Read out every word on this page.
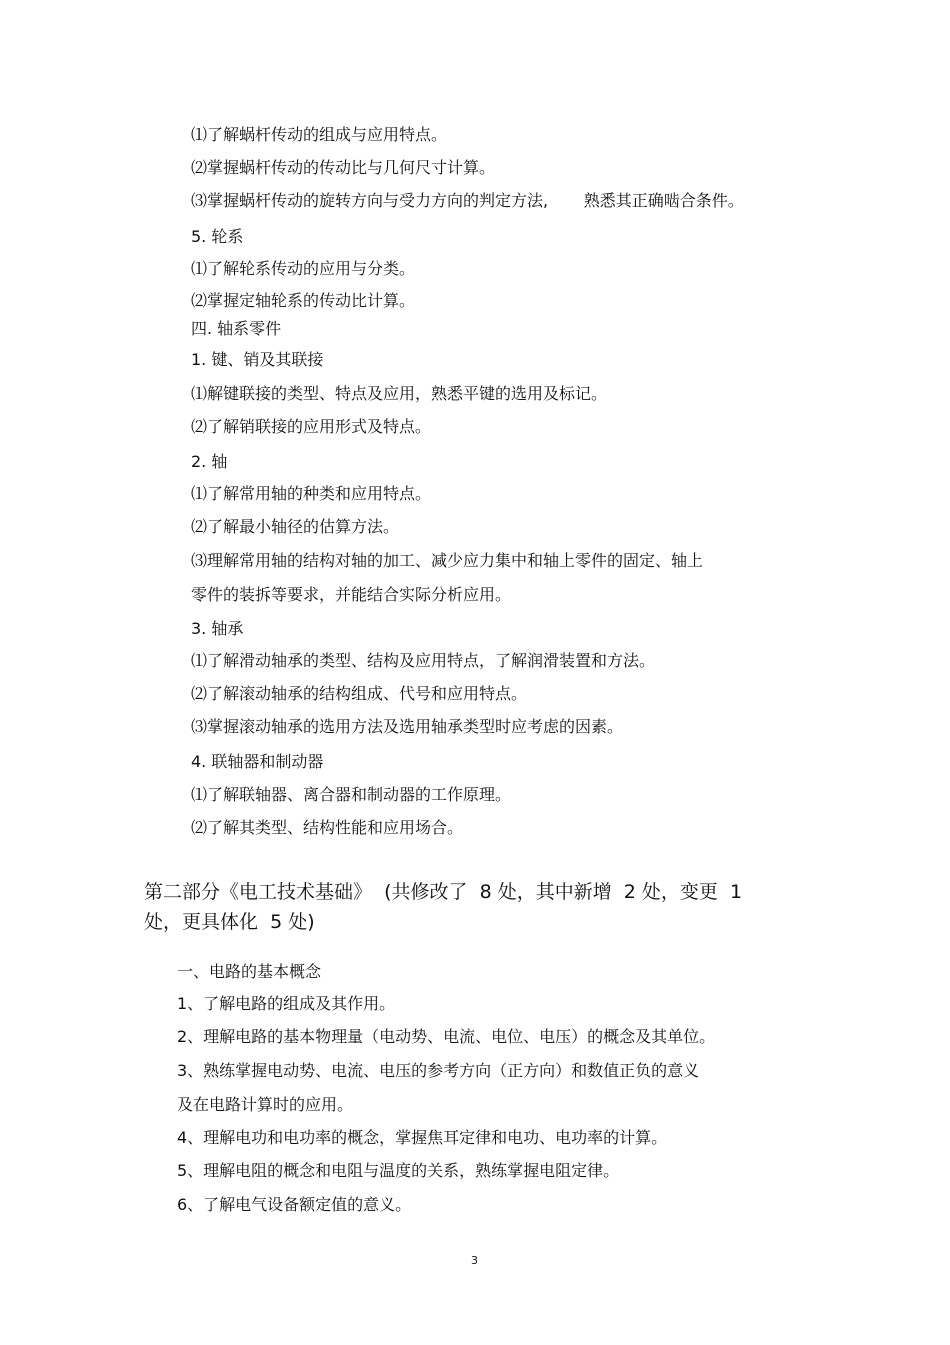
⑴了解蜗杆传动的组成与应用特点。
⑵掌握蜗杆传动的传动比与几何尺寸计算。
⑶掌握蜗杆传动的旋转方向与受力方向的判定方法,       熟悉其正确啮合条件。
5. 轮系
⑴了解轮系传动的应用与分类。
⑵掌握定轴轮系的传动比计算。
四. 轴系零件
1. 键、销及其联接
⑴解键联接的类型、特点及应用，熟悉平键的选用及标记。
⑵了解销联接的应用形式及特点。
2. 轴
⑴了解常用轴的种类和应用特点。
⑵了解最小轴径的估算方法。
⑶理解常用轴的结构对轴的加工、减少应力集中和轴上零件的固定、轴上
零件的装拆等要求，并能结合实际分析应用。
3. 轴承
⑴了解滑动轴承的类型、结构及应用特点，了解润滑装置和方法。
⑵了解滚动轴承的结构组成、代号和应用特点。
⑶掌握滚动轴承的选用方法及选用轴承类型时应考虑的因素。
4. 联轴器和制动器
⑴了解联轴器、离合器和制动器的工作原理。
⑵了解其类型、结构性能和应用场合。
第二部分《电工技术基础》  (共修改了  8 处，其中新增  2 处，变更  1
处，更具体化  5 处)
一、电路的基本概念
1、了解电路的组成及其作用。
2、理解电路的基本物理量（电动势、电流、电位、电压）的概念及其单位。
3、熟练掌握电动势、电流、电压的参考方向（正方向）和数值正负的意义
及在电路计算时的应用。
4、理解电功和电功率的概念，掌握焦耳定律和电功、电功率的计算。
5、理解电阻的概念和电阻与温度的关系，熟练掌握电阻定律。
6、了解电气设备额定值的意义。
3
